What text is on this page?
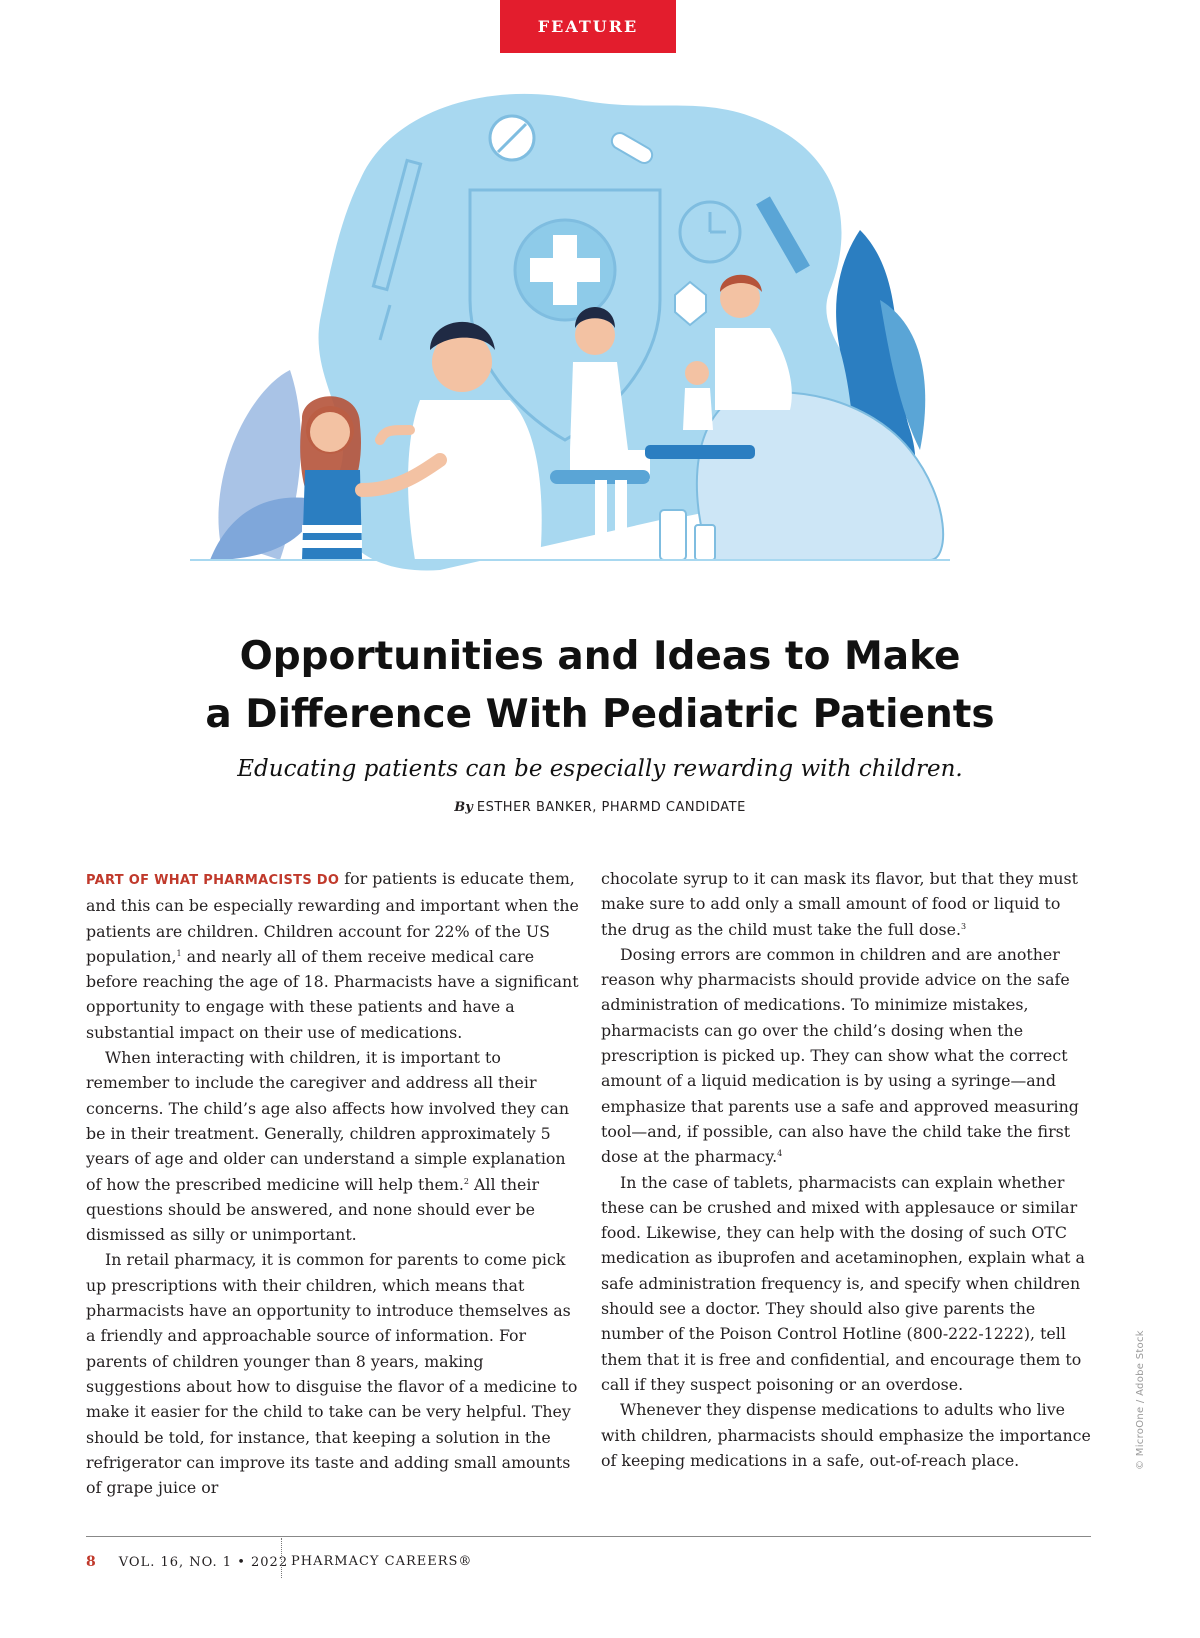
FEATURE
Opportunities and Ideas to Make
a Difference With Pediatric Patients

Educating patients can be especially rewarding with children.

By ESTHER BANKER, PHARMD CANDIDATE

PART OF WHAT PHARMACISTS DO for patients is educate them, and this can be especially rewarding and important when the patients are children. Children account for 22% of the US population,$^1$ and nearly all of them receive medical care before reaching the age of 18. Pharmacists have a significant opportunity to engage with these patients and have a substantial impact on their use of medications.

When interacting with children, it is important to remember to include the caregiver and address all their concerns. The child’s age also affects how involved they can be in their treatment. Generally, children approximately 5 years of age and older can understand a simple explanation of how the prescribed medicine will help them.$^2$ All their questions should be answered, and none should ever be dismissed as silly or unimportant.

In retail pharmacy, it is common for parents to come pick up prescriptions with their children, which means that pharmacists have an opportunity to introduce themselves as a friendly and approachable source of information. For parents of children younger than 8 years, making suggestions about how to disguise the flavor of a medicine to make it easier for the child to take can be very helpful. They should be told, for instance, that keeping a solution in the refrigerator can improve its taste and adding small amounts of grape juice or

chocolate syrup to it can mask its flavor, but that they must make sure to add only a small amount of food or liquid to the drug as the child must take the full dose.$^3$

Dosing errors are common in children and are another reason why pharmacists should provide advice on the safe administration of medications. To minimize mistakes, pharmacists can go over the child’s dosing when the prescription is picked up. They can show what the correct amount of a liquid medication is by using a syringe—and emphasize that parents use a safe and approved measuring tool—and, if possible, can also have the child take the first dose at the pharmacy.$^4$

In the case of tablets, pharmacists can explain whether these can be crushed and mixed with applesauce or similar food. Likewise, they can help with the dosing of such OTC medication as ibuprofen and acetaminophen, explain what a safe administration frequency is, and specify when children should see a doctor. They should also give parents the number of the Poison Control Hotline (800-222-1222), tell them that it is free and confidential, and encourage them to call if they suspect poisoning or an overdose.

Whenever they dispense medications to adults who live with children, pharmacists should emphasize the importance of keeping medications in a safe, out-of-reach place.	© MicroOne / Adobe Stock
8 VOL. 16, NO. 1 • 2022 PHARMACY CAREERS®
